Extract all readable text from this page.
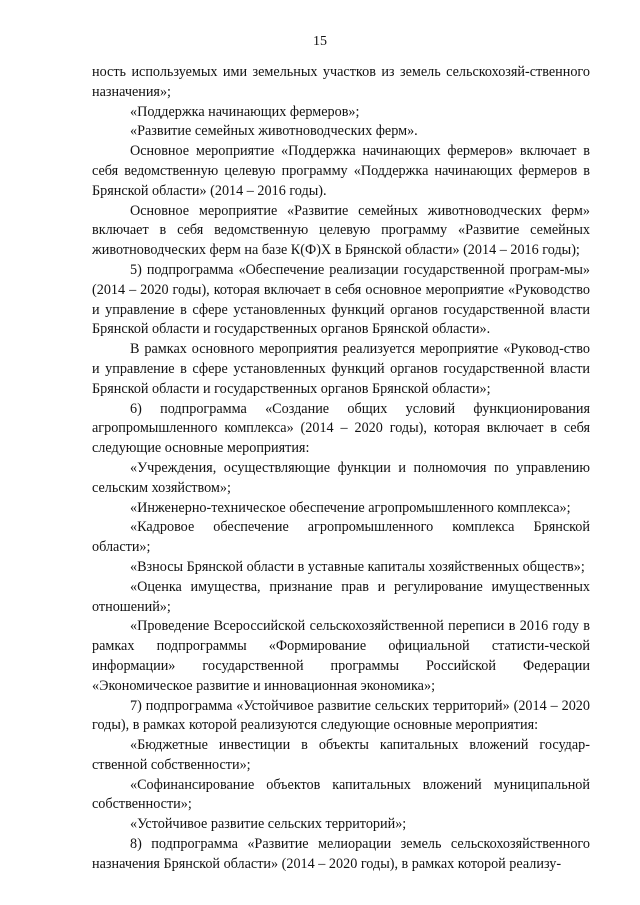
15

ность используемых ими земельных участков из земель сельскохозяй-ственного назначения»;

«Поддержка начинающих фермеров»;

«Развитие семейных животноводческих ферм».

Основное мероприятие «Поддержка начинающих фермеров» включает в себя ведомственную целевую программу «Поддержка начинающих фермеров в Брянской области» (2014 – 2016 годы).

Основное мероприятие «Развитие семейных животноводческих ферм» включает в себя ведомственную целевую программу «Развитие семейных животноводческих ферм на базе К(Ф)Х в Брянской области» (2014 – 2016 годы);

5) подпрограмма «Обеспечение реализации государственной програм-мы» (2014 – 2020 годы), которая включает в себя основное мероприятие «Руководство и управление в сфере установленных функций органов государственной власти Брянской области и государственных органов Брянской области».

В рамках основного мероприятия реализуется мероприятие «Руковод-ство и управление в сфере установленных функций органов государственной власти Брянской области и государственных органов Брянской области»;

6) подпрограмма «Создание общих условий функционирования агропромышленного комплекса» (2014 – 2020 годы), которая включает в себя следующие основные мероприятия:

«Учреждения, осуществляющие функции и полномочия по управлению сельским хозяйством»;

«Инженерно-техническое обеспечение агропромышленного комплекса»;

«Кадровое обеспечение агропромышленного комплекса Брянской области»;

«Взносы Брянской области в уставные капиталы хозяйственных обществ»;

«Оценка имущества, признание прав и регулирование имущественных отношений»;

«Проведение Всероссийской сельскохозяйственной переписи в 2016 году в рамках подпрограммы «Формирование официальной статисти-ческой информации» государственной программы Российской Федерации «Экономическое развитие и инновационная экономика»;

7) подпрограмма «Устойчивое развитие сельских территорий» (2014 – 2020 годы), в рамках которой реализуются следующие основные мероприятия:

«Бюджетные инвестиции в объекты капитальных вложений государ-ственной собственности»;

«Софинансирование объектов капитальных вложений муниципальной собственности»;

«Устойчивое развитие сельских территорий»;

8) подпрограмма «Развитие мелиорации земель сельскохозяйственного назначения Брянской области» (2014 – 2020 годы), в рамках которой реализу-
